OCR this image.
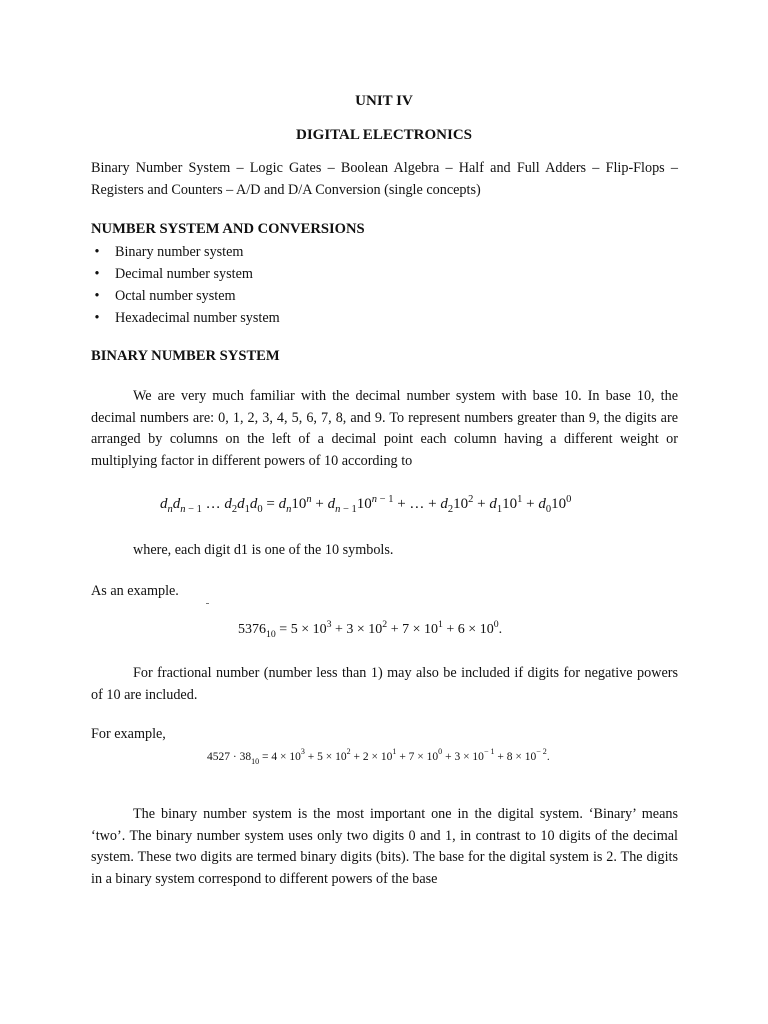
UNIT IV
DIGITAL ELECTRONICS
Binary Number System – Logic Gates – Boolean Algebra – Half and Full Adders – Flip-Flops – Registers and Counters – A/D and D/A Conversion (single concepts)
NUMBER SYSTEM AND CONVERSIONS
• Binary number system
• Decimal number system
• Octal number system
• Hexadecimal number system
BINARY NUMBER SYSTEM
We are very much familiar with the decimal number system with base 10. In base 10, the decimal numbers are: 0, 1, 2, 3, 4, 5, 6, 7, 8, and 9. To represent numbers greater than 9, the digits are arranged by columns on the left of a decimal point each column having a different weight or multiplying factor in different powers of 10 according to
$d_nd_{n - 1}$ … $d_2d_1d_0 = d_n10^n + d_{n - 1}10^{n - 1}$ + … + $d_210^2 + d_110^1 + d_010^0$
where, each digit d1 is one of the 10 symbols.
As an example.
$5376_{10} = 5 \times 10^3 + 3 \times 10^2 + 7 \times 10^1 + 6 \times 10^0$.
For fractional number (number less than 1) may also be included if digits for negative powers of 10 are included.
For example,
$4527 \cdot 38_{10} = 4 \times 10^3 + 5 \times 10^2 + 2 \times 10^1 + 7 \times 10^0 + 3 \times 10^{- 1} + 8 \times 10^{- 2}$.
The binary number system is the most important one in the digital system. ‘Binary’ means ‘two’. The binary number system uses only two digits 0 and 1, in contrast to 10 digits of the decimal system. These two digits are termed binary digits (bits). The base for the digital system is 2. The digits in a binary system correspond to different powers of the base
